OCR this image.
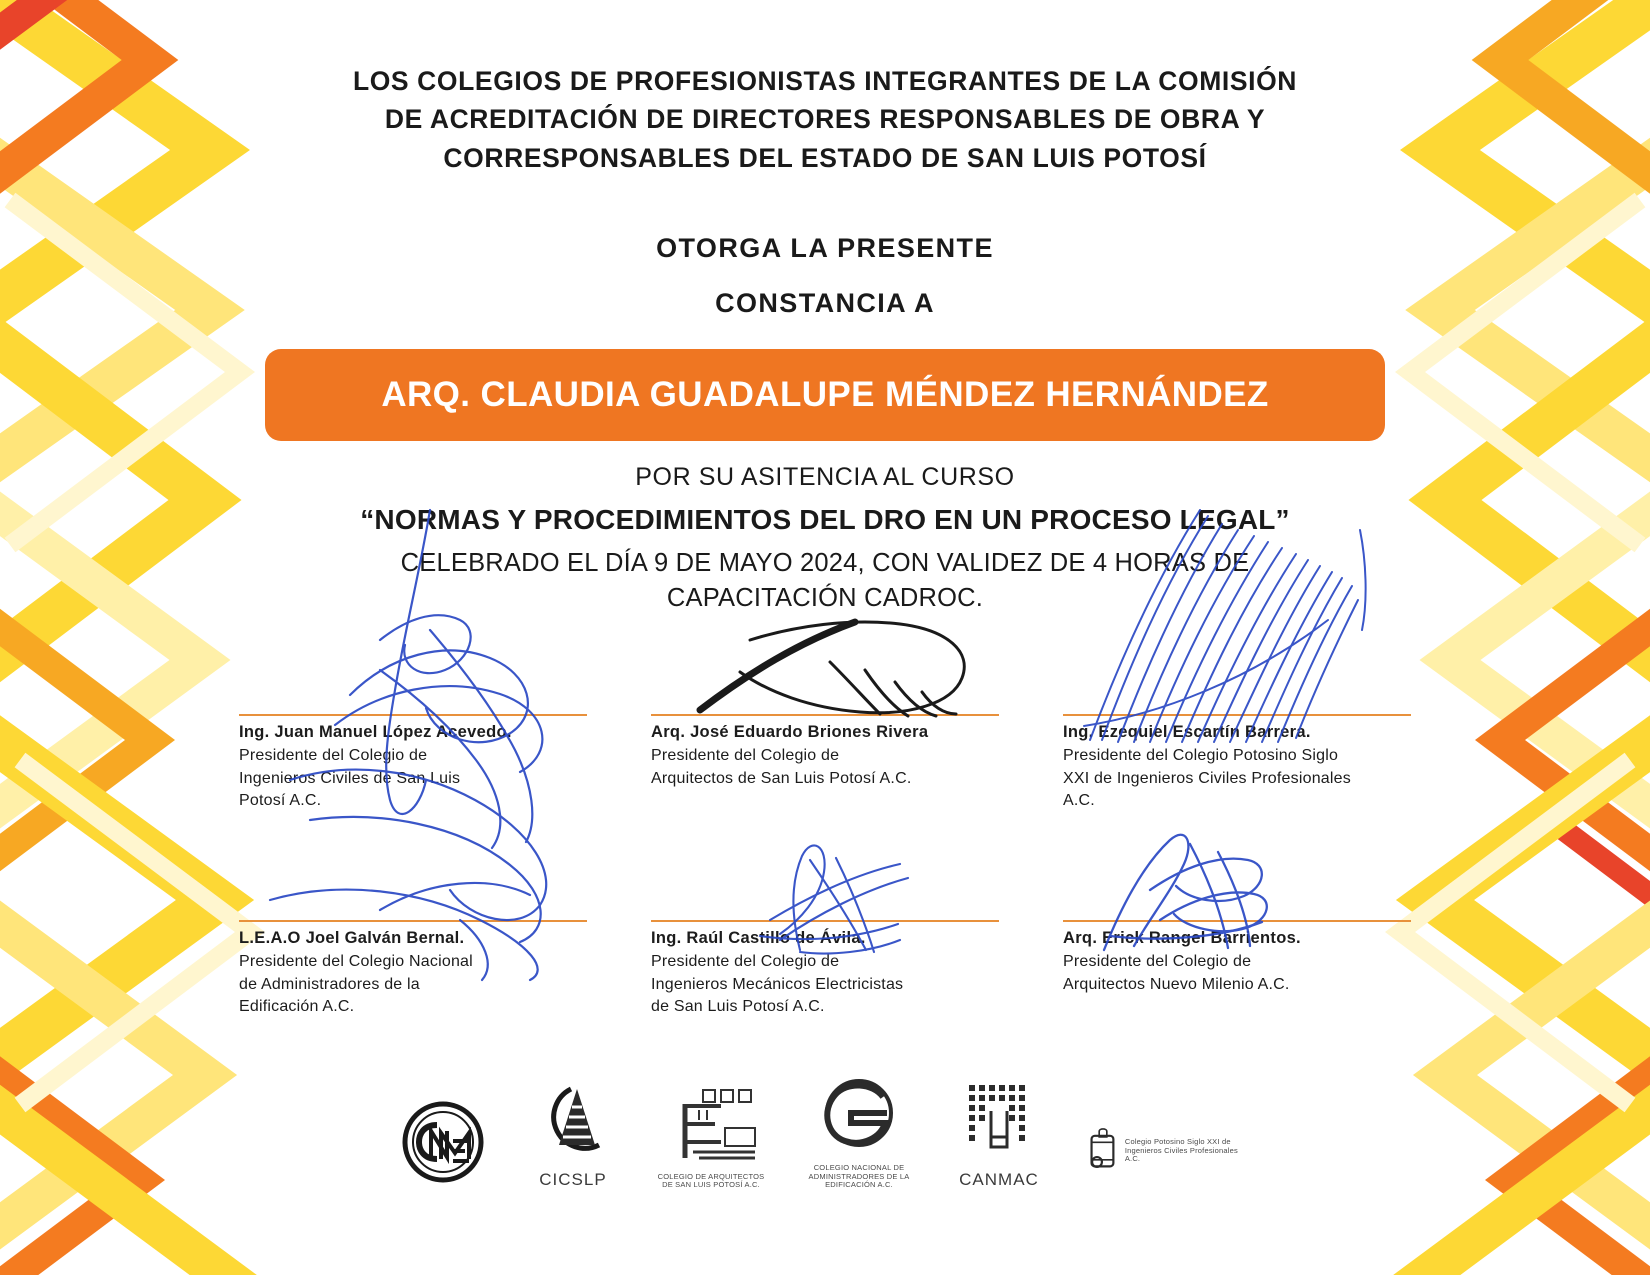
LOS COLEGIOS DE PROFESIONISTAS INTEGRANTES DE LA COMISIÓN
DE ACREDITACIÓN DE DIRECTORES RESPONSABLES DE OBRA Y
CORRESPONSABLES DEL ESTADO DE SAN LUIS POTOSÍ
OTORGA LA PRESENTE
CONSTANCIA A
ARQ. CLAUDIA GUADALUPE MÉNDEZ HERNÁNDEZ
POR SU ASITENCIA AL CURSO
“NORMAS Y PROCEDIMIENTOS DEL DRO EN UN PROCESO LEGAL”
CELEBRADO EL DÍA 9 DE MAYO 2024, CON VALIDEZ DE 4 HORAS DE
CAPACITACIÓN CADROC.
Ing. Juan Manuel López Acevedo.
Presidente del Colegio de
Ingenieros Civiles de San Luis
Potosí A.C.
Arq. José Eduardo Briones Rivera
Presidente del Colegio de
Arquitectos de San Luis Potosí A.C.
Ing. Ezequiel Escartín Barrera.
Presidente del Colegio Potosino Siglo
XXI de Ingenieros Civiles Profesionales
A.C.
L.E.A.O Joel Galván Bernal.
Presidente del Colegio Nacional
de Administradores de la
Edificación A.C.
Ing. Raúl Castillo de Ávila.
Presidente del Colegio de
Ingenieros Mecánicos Electricistas
de San Luis Potosí A.C.
Arq. Erick Rangel Barrientos.
Presidente del Colegio de
Arquitectos Nuevo Milenio A.C.
CICSLP	COLEGIO DE ARQUITECTOS DE SAN LUIS POTOSÍ A.C.
COLEGIO NACIONAL DE ADMINISTRADORES DE LA EDIFICACIÓN A.C.	CANMAC
Colegio Potosino Siglo XXI de Ingenieros Civiles Profesionales A.C.
